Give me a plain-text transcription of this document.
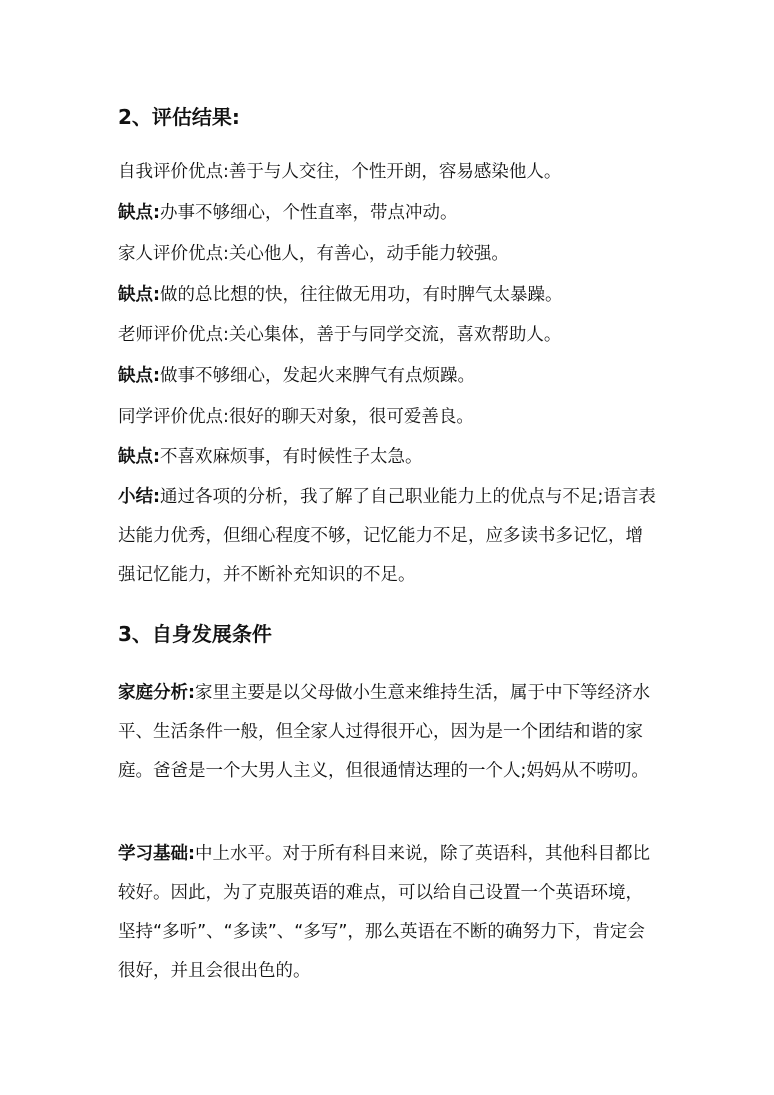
2、评估结果:

自我评价优点:善于与人交往，个性开朗，容易感染他人。

缺点:办事不够细心，个性直率，带点冲动。

家人评价优点:关心他人，有善心，动手能力较强。

缺点:做的总比想的快，往往做无用功，有时脾气太暴躁。

老师评价优点:关心集体，善于与同学交流，喜欢帮助人。

缺点:做事不够细心，发起火来脾气有点烦躁。

同学评价优点:很好的聊天对象，很可爱善良。

缺点:不喜欢麻烦事，有时候性子太急。

小结:通过各项的分析，我了解了自己职业能力上的优点与不足;语言表达能力优秀，但细心程度不够，记忆能力不足，应多读书多记忆，增强记忆能力，并不断补充知识的不足。

3、自身发展条件

家庭分析:家里主要是以父母做小生意来维持生活，属于中下等经济水平、生活条件一般，但全家人过得很开心，因为是一个团结和谐的家庭。爸爸是一个大男人主义，但很通情达理的一个人;妈妈从不唠叨。

学习基础:中上水平。对于所有科目来说，除了英语科，其他科目都比较好。因此，为了克服英语的难点，可以给自己设置一个英语环境，坚持“多听”、“多读”、“多写”，那么英语在不断的确努力下，肯定会很好，并且会很出色的。
